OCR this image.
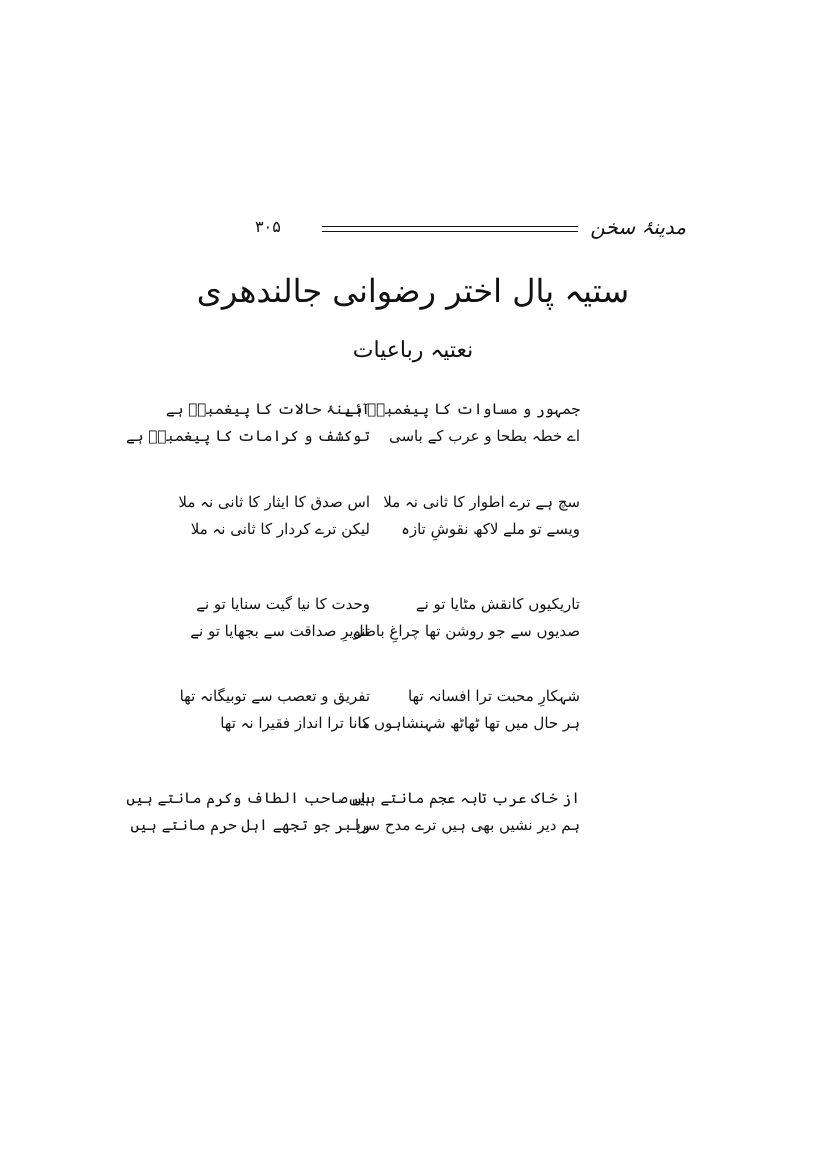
مدینۂ سخن
۳۰۵
ستیہ پال اختر رضوانی جالندھری
نعتیہ رباعیات
جمہور و مساوات کا پیغمبرؐ ہے
اے خطہ بطحا و عرب کے باسی
آئینۂ حالات کا پیغمبرؐ ہے
توکشف و کرامات کا پیغمبرؐ ہے
سچ ہے ترے اطوار کا ثانی نہ ملا
ویسے تو ملے لاکھ نقوشِ تازہ
اس صدق کا ایثار کا ثانی نہ ملا
لیکن ترے کردار کا ثانی نہ ملا
تاریکیوں کانقش مٹایا تو نے
صدیوں سے جو روشن تھا چراغِ باطل
وحدت کا نیا گیت سنایا تو نے
تنویرِ صداقت سے بجھایا تو نے
شہکارِ محبت ترا افسانہ تھا
ہر حال میں تھا ٹھاٹھ شہنشاہوں کا
تفریق و تعصب سے توبیگانہ تھا
مانا ترا انداز فقیرا نہ تھا
از خاک عرب تابہ عجم مانتے ہیں
ہم دیر نشیں بھی ہیں ترے مدح سرا
ہاں صاحب الطاف وکرم مانتے ہیں
رہبر جو تجھے اہل حرم مانتے ہیں
